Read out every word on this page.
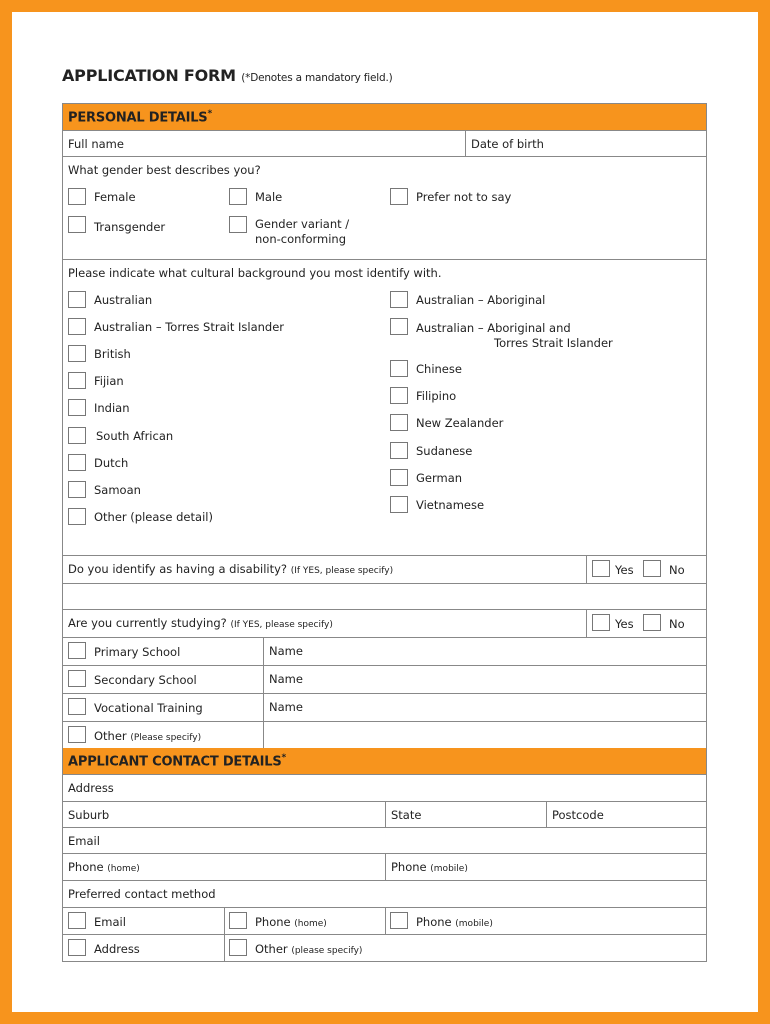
APPLICATION FORM (*Denotes a mandatory field.)
PERSONAL DETAILS*
Full name	Date of birth
What gender best describes you?
Female	Male	Prefer not to say
Transgender	Gender variant /
non-conforming
Please indicate what cultural background you most identify with.
Australian
Australian – Torres Strait Islander
British
Fijian
Indian
South African
Dutch
Samoan
Other (please detail)
Australian – Aboriginal
Australian – Aboriginal and
Torres Strait Islander
Chinese
Filipino
New Zealander
Sudanese
German
Vietnamese
Do you identify as having a disability? (If YES, please specify)	Yes	No
Are you currently studying? (If YES, please specify)	Yes	No
Primary School	Name
Secondary School	Name
Vocational Training	Name
Other (Please specify)
APPLICANT CONTACT DETAILS*
Address
Suburb	State	Postcode
Email
Phone (home)	Phone (mobile)
Preferred contact method
Email	Phone (home)	Phone (mobile)
Address	Other (please specify)
